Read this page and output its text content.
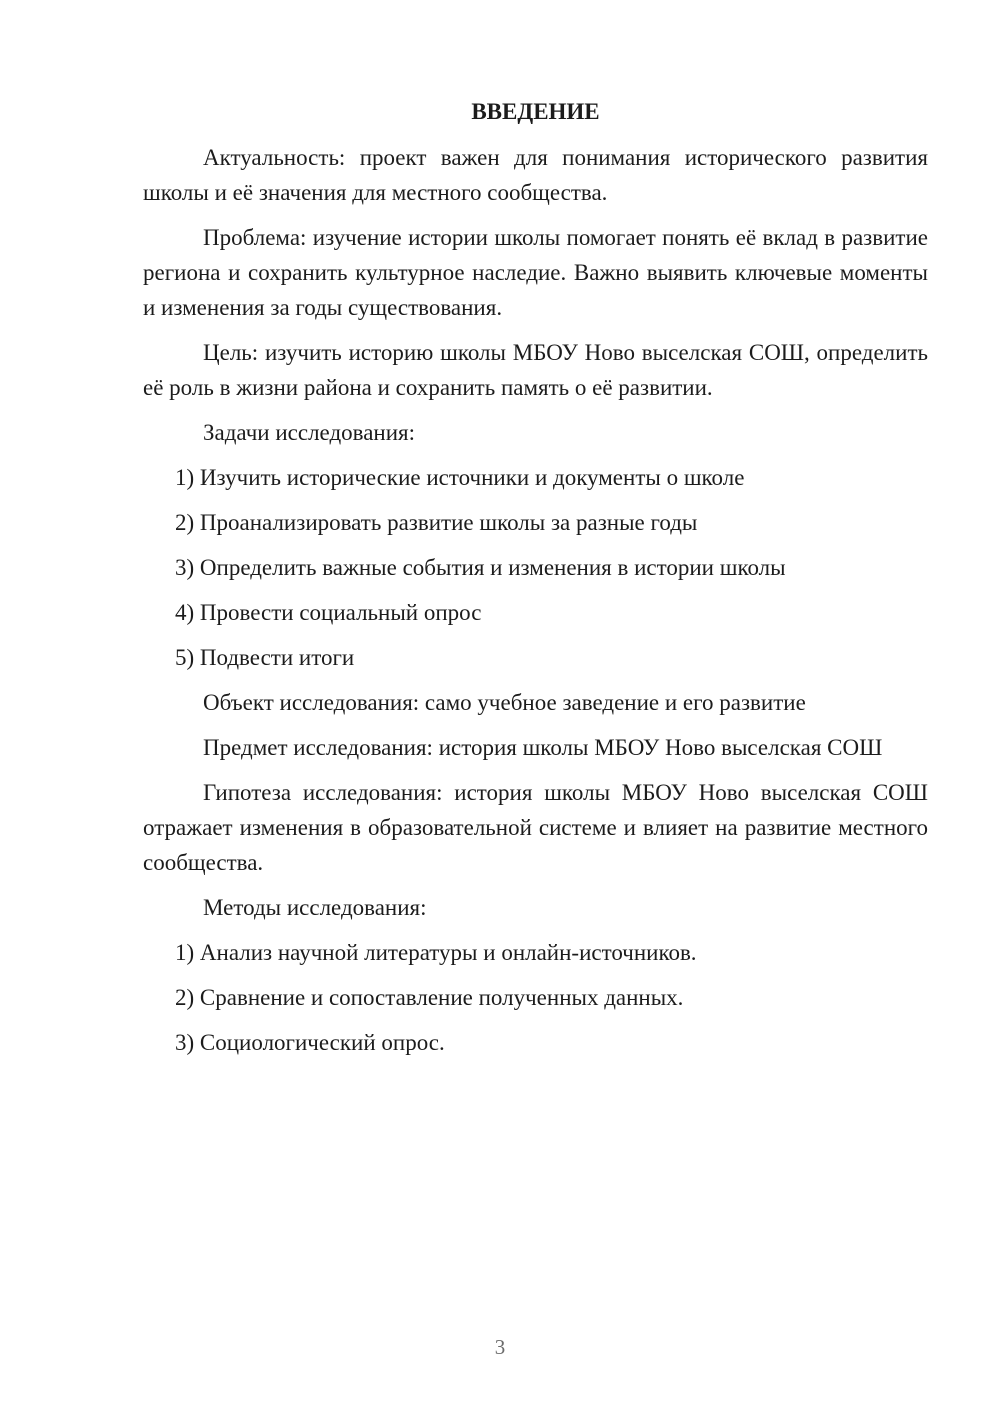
ВВЕДЕНИЕ
Актуальность: проект важен для понимания исторического развития школы и её значения для местного сообщества.
Проблема: изучение истории школы помогает понять её вклад в развитие региона и сохранить культурное наследие. Важно выявить ключевые моменты и изменения за годы существования.
Цель: изучить историю школы МБОУ Ново выселская СОШ, определить её роль в жизни района и сохранить память о её развитии.
Задачи исследования:
1) Изучить исторические источники и документы о школе
2) Проанализировать развитие школы за разные годы
3) Определить важные события и изменения в истории школы
4) Провести социальный опрос
5) Подвести итоги
Объект исследования: само учебное заведение и его развитие
Предмет исследования: история школы МБОУ Ново выселская СОШ
Гипотеза исследования: история школы МБОУ Ново выселская СОШ отражает изменения в образовательной системе и влияет на развитие местного сообщества.
Методы исследования:
1) Анализ научной литературы и онлайн-источников.
2) Сравнение и сопоставление полученных данных.
3) Социологический опрос.
3
